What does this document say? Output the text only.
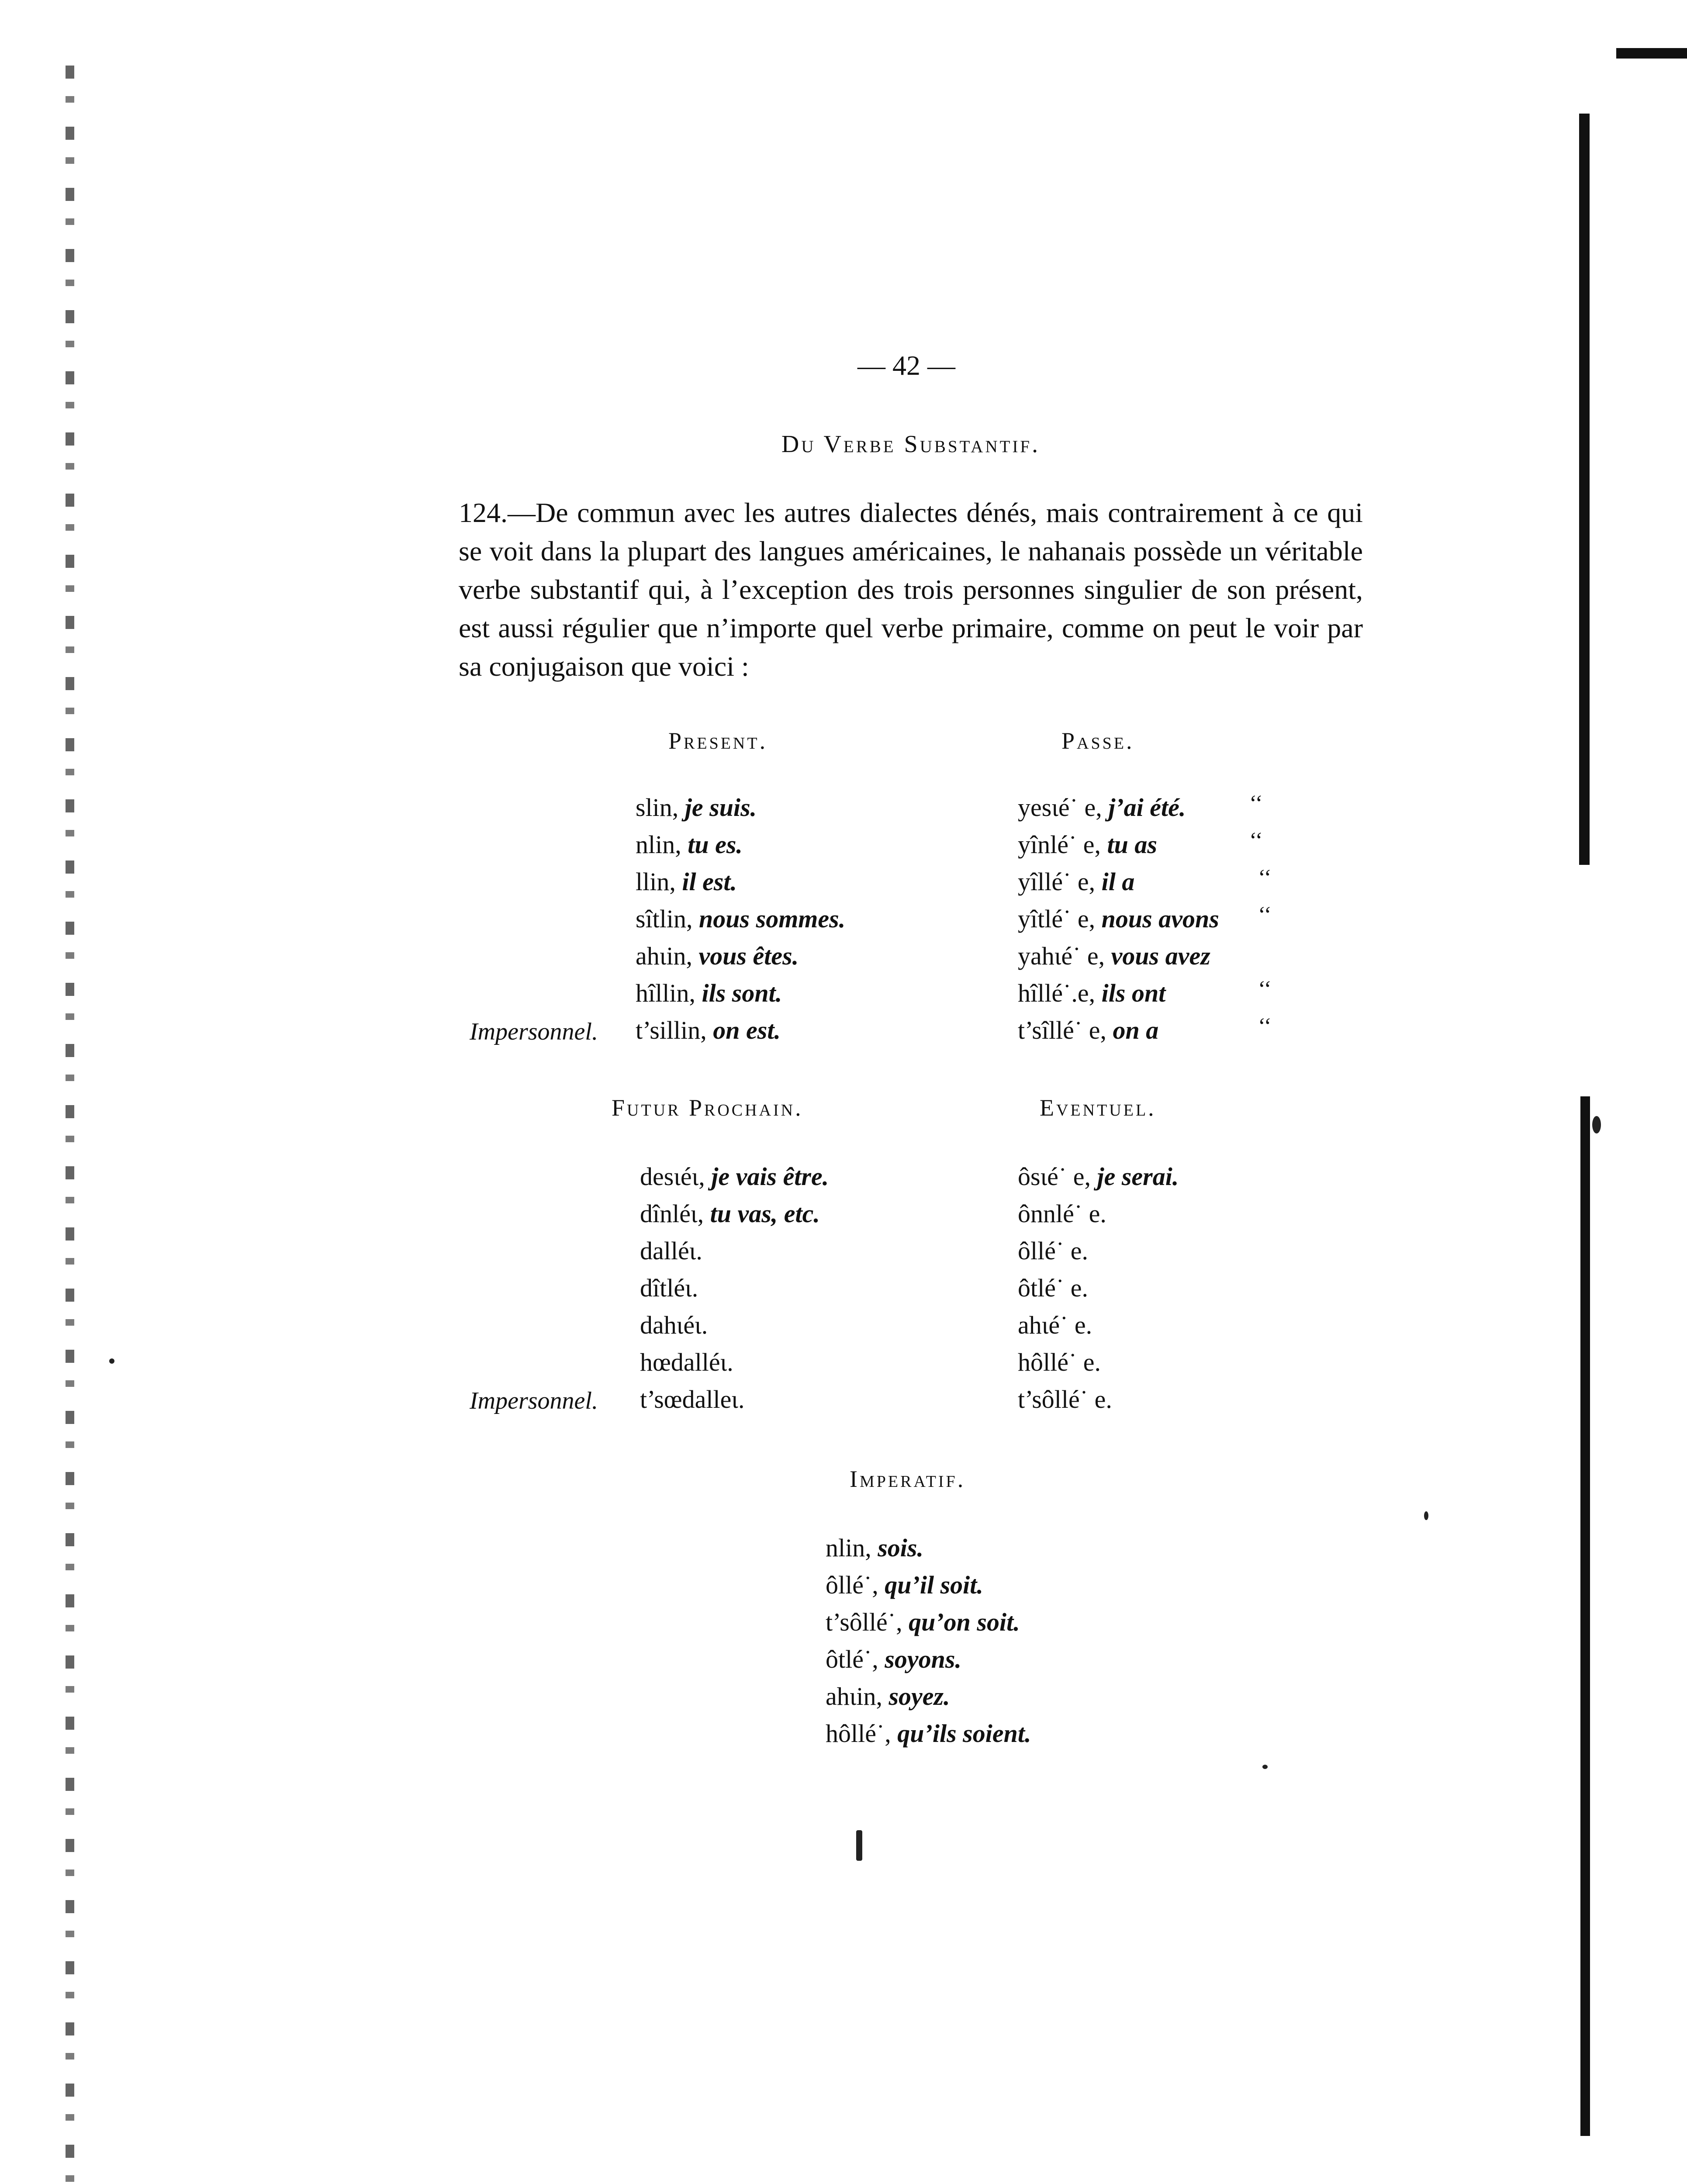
— 42 —
Du Verbe Substantif.
124.—De commun avec les autres dialectes dénés, mais contrairement à ce qui se voit dans la plupart des langues américaines, le nahanais possède un véritable verbe substantif qui, à l’exception des trois personnes singulier de son présent, est aussi régulier que n’importe quel verbe primaire, comme on peut le voir par sa conjugaison que voici :
Present.	Passe.
slin, je suis.
nlin, tu es.
llin, il est.
sîtlin, nous sommes.
ahɩin, vous êtes.
hîllin, ils sont.
Impersonnel. t’sillin, on est.
yesɩé˙ e, j’ai été.
yînlé˙ e, tu as
yîllé˙ e, il a
yîtlé˙ e, nous avons
yahɩé˙ e, vous avez
hîllé˙.e, ils ont
t’sîllé˙ e, on a
‘‘
‘‘
‘‘
‘‘
‘‘
‘‘
Futur Prochain.	Eventuel.
desɩéɩ, je vais être.
dînléɩ, tu vas, etc.
dalléɩ.
dîtléɩ.
dahɩéɩ.
hœdalléɩ.
Impersonnel. t’sœdalleɩ.
ôsɩé˙ e, je serai.
ônnlé˙ e.
ôllé˙ e.
ôtlé˙ e.
ahɩé˙ e.
hôllé˙ e.
t’sôllé˙ e.
Imperatif.
nlin, sois.
ôllé˙, qu’il soit.
t’sôllé˙, qu’on soit.
ôtlé˙, soyons.
ahɩin, soyez.
hôllé˙, qu’ils soient.
